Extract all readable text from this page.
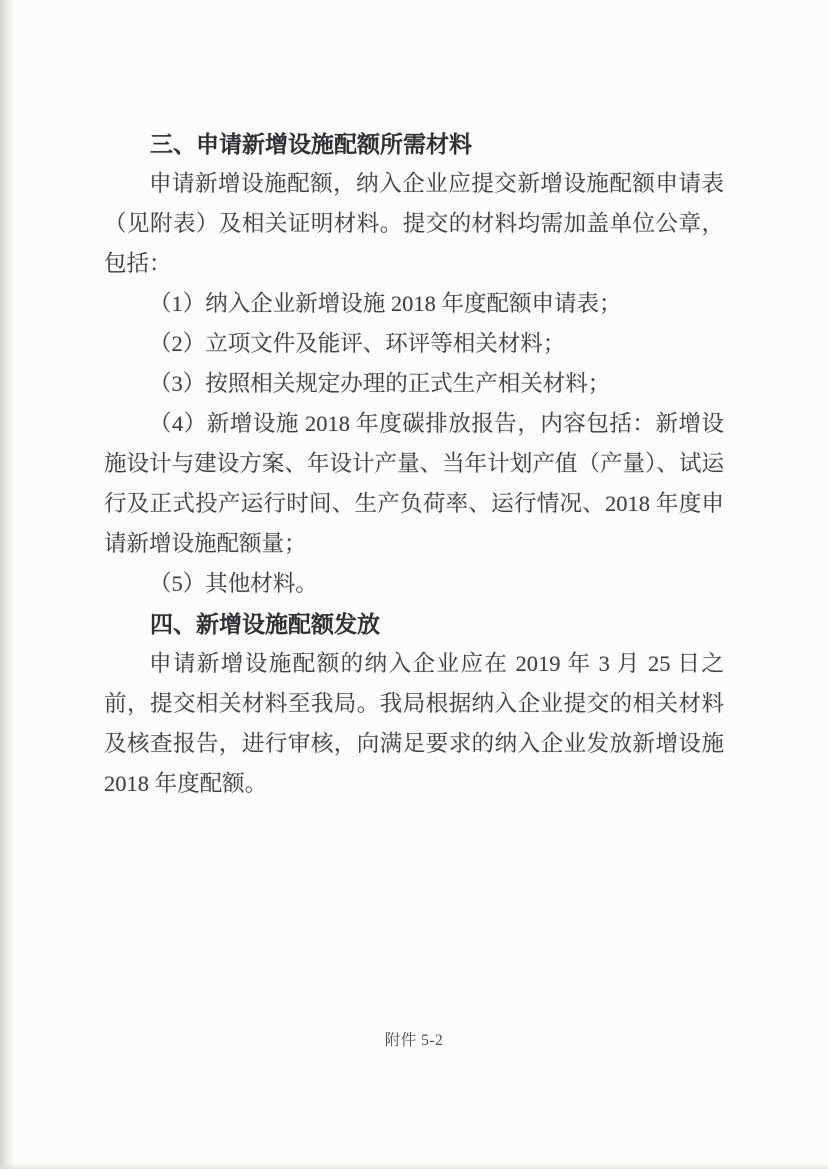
三、申请新增设施配额所需材料

申请新增设施配额，纳入企业应提交新增设施配额申请表（见附表）及相关证明材料。提交的材料均需加盖单位公章，包括：

（1）纳入企业新增设施 2018 年度配额申请表；

（2）立项文件及能评、环评等相关材料；

（3）按照相关规定办理的正式生产相关材料；

（4）新增设施 2018 年度碳排放报告，内容包括：新增设施设计与建设方案、年设计产量、当年计划产值（产量）、试运行及正式投产运行时间、生产负荷率、运行情况、2018 年度申请新增设施配额量；

（5）其他材料。

四、新增设施配额发放

申请新增设施配额的纳入企业应在 2019 年 3 月 25 日之前，提交相关材料至我局。我局根据纳入企业提交的相关材料及核查报告，进行审核，向满足要求的纳入企业发放新增设施 2018 年度配额。

附件 5-2
